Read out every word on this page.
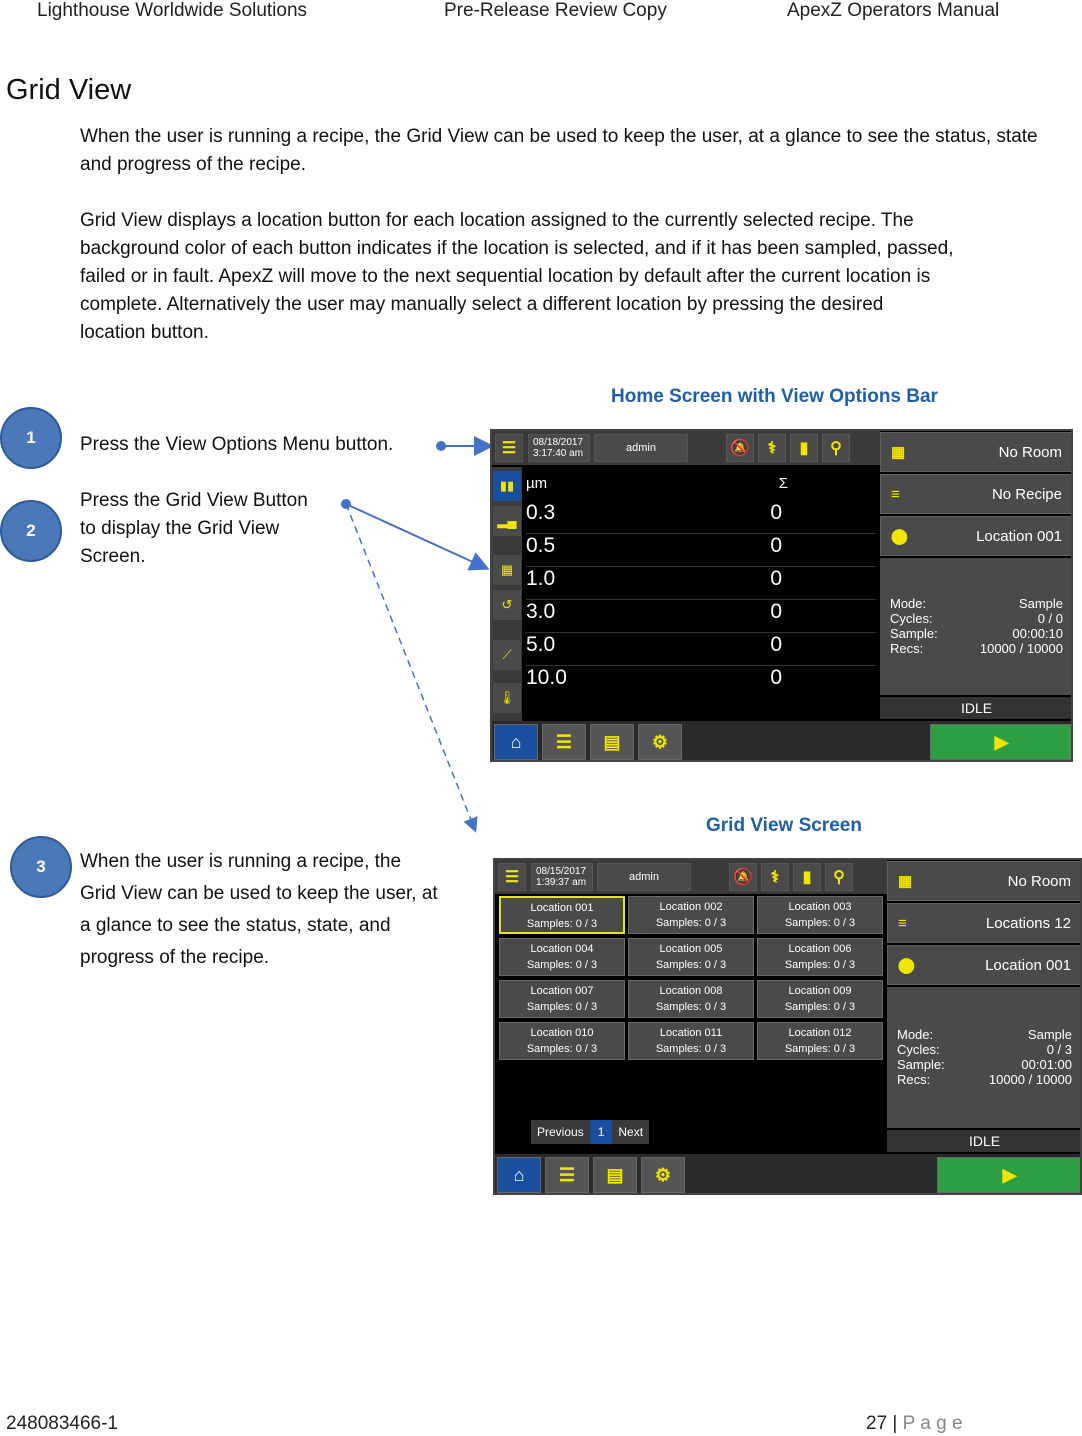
Lighthouse Worldwide Solutions	Pre-Release Review Copy	ApexZ Operators Manual
Grid View
When the user is running a recipe, the Grid View can be used to keep the user, at a glance to see the status, state and progress of the recipe.
Grid View displays a location button for each location assigned to the currently selected recipe. The
background color of each button indicates if the location is selected, and if it has been sampled, passed,
failed or in fault. ApexZ will move to the next sequential location by default after the current location is
complete. Alternatively the user may manually select a different location by pressing the desired
location button.
Home Screen with View Options Bar
Grid View Screen
1	Press the View Options Menu button.
2
Press the Grid View Button
to display the Grid View
Screen.
3	When the user is running a recipe, the
Grid View can be used to keep the user, at
a glance to see the status, state, and
progress of the recipe.
☰ 08/18/2017
3:17:40 am	admin	🔕 ⚕ ▮ ⚲
▮▮
▂▄
▦
↺
⟋
🌡
µm	Σ
0.3	0
0.5	0
1.0	0
3.0	0
5.0	0
10.0	0
▦	No Room
≡	No Recipe
⬤	Location 001
Mode:	Sample
Cycles:	0 / 0
Sample:	00:00:10
Recs:	10000 / 10000
IDLE
⌂ ☰ ▤ ⚙	▶
☰ 08/15/2017
1:39:37 am	admin	🔕 ⚕ ▮ ⚲
Location 001
Samples: 0 / 3
Location 002
Samples: 0 / 3
Location 003
Samples: 0 / 3
Location 004
Samples: 0 / 3
Location 005
Samples: 0 / 3
Location 006
Samples: 0 / 3
Location 007
Samples: 0 / 3
Location 008
Samples: 0 / 3
Location 009
Samples: 0 / 3
Location 010
Samples: 0 / 3
Location 011
Samples: 0 / 3
Location 012
Samples: 0 / 3
Previous	1	Next
▦	No Room
≡	Locations 12
⬤	Location 001
Mode:	Sample
Cycles:	0 / 3
Sample:	00:01:00
Recs:	10000 / 10000
IDLE
⌂ ☰ ▤ ⚙	▶
248083466-1	27 | P a g e
